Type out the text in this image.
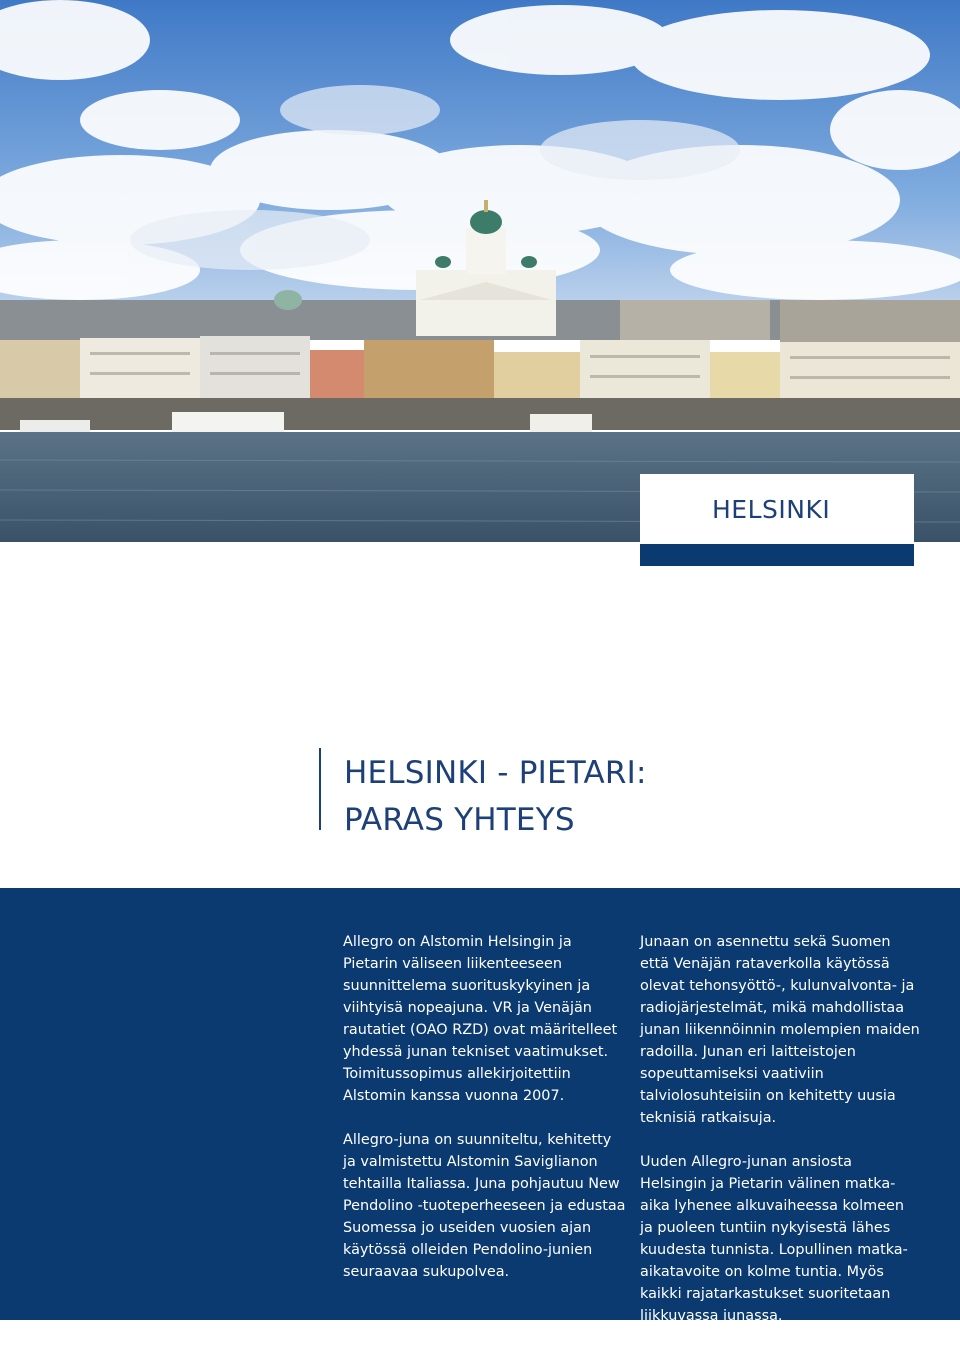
HELSINKI
HELSINKI - PIETARI:
PARAS YHTEYS

Allegro on Alstomin Helsingin ja Pietarin väliseen liikenteeseen suunnittelema suorituskykyinen ja viihtyisä nopeajuna. VR ja Venäjän rautatiet (OAO RZD) ovat määritelleet yhdessä junan tekniset vaatimukset. Toimitussopimus allekirjoitettiin Alstomin kanssa vuonna 2007.

Allegro-juna on suunniteltu, kehitetty ja valmistettu Alstomin Saviglianon tehtailla Italiassa. Juna pohjautuu New Pendolino -tuoteperheeseen ja edustaa Suomessa jo useiden vuosien ajan käytössä olleiden Pendolino-junien seuraavaa sukupolvea.

Junaan on asennettu sekä Suomen että Venäjän rataverkolla käytössä olevat tehonsyöttö-, kulunvalvonta- ja radiojärjestelmät, mikä mahdollistaa junan liikennöinnin molempien maiden radoilla. Junan eri laitteistojen sopeuttamiseksi vaativiin talviolosuhteisiin on kehitetty uusia teknisiä ratkaisuja.

Uuden Allegro-junan ansiosta Helsingin ja Pietarin välinen matka-aika lyhenee alkuvaiheessa kolmeen ja puoleen tuntiin nykyisestä lähes kuudesta tunnista. Lopullinen matka-aikatavoite on kolme tuntia. Myös kaikki rajatarkastukset suoritetaan liikkuvassa junassa.
